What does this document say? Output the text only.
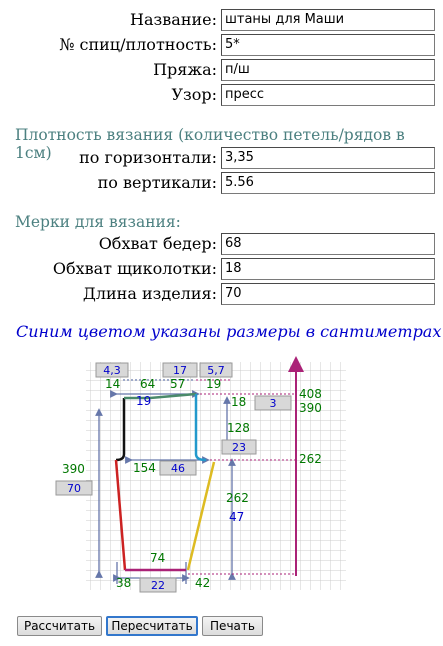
Название: штаны для Маши
№ спиц/плотность: 5*
Пряжа: п/ш
Узор: пресс
Плотность вязания (количество петель/рядов в 1см)	по горизонтали: 3,35
по вертикали: 5.56
Мерки для вязания:
Обхват бедер: 68
Обхват щиколотки: 18
Длина изделия: 70
Синим цветом указаны размеры в сантиметрах
4,3	17 5,7
3
23
46
70
22
14 64 57 19
18
408
390
128
262
390	154
262
74
38	42
19
47
Рассчитать	Пересчитать	Печать
